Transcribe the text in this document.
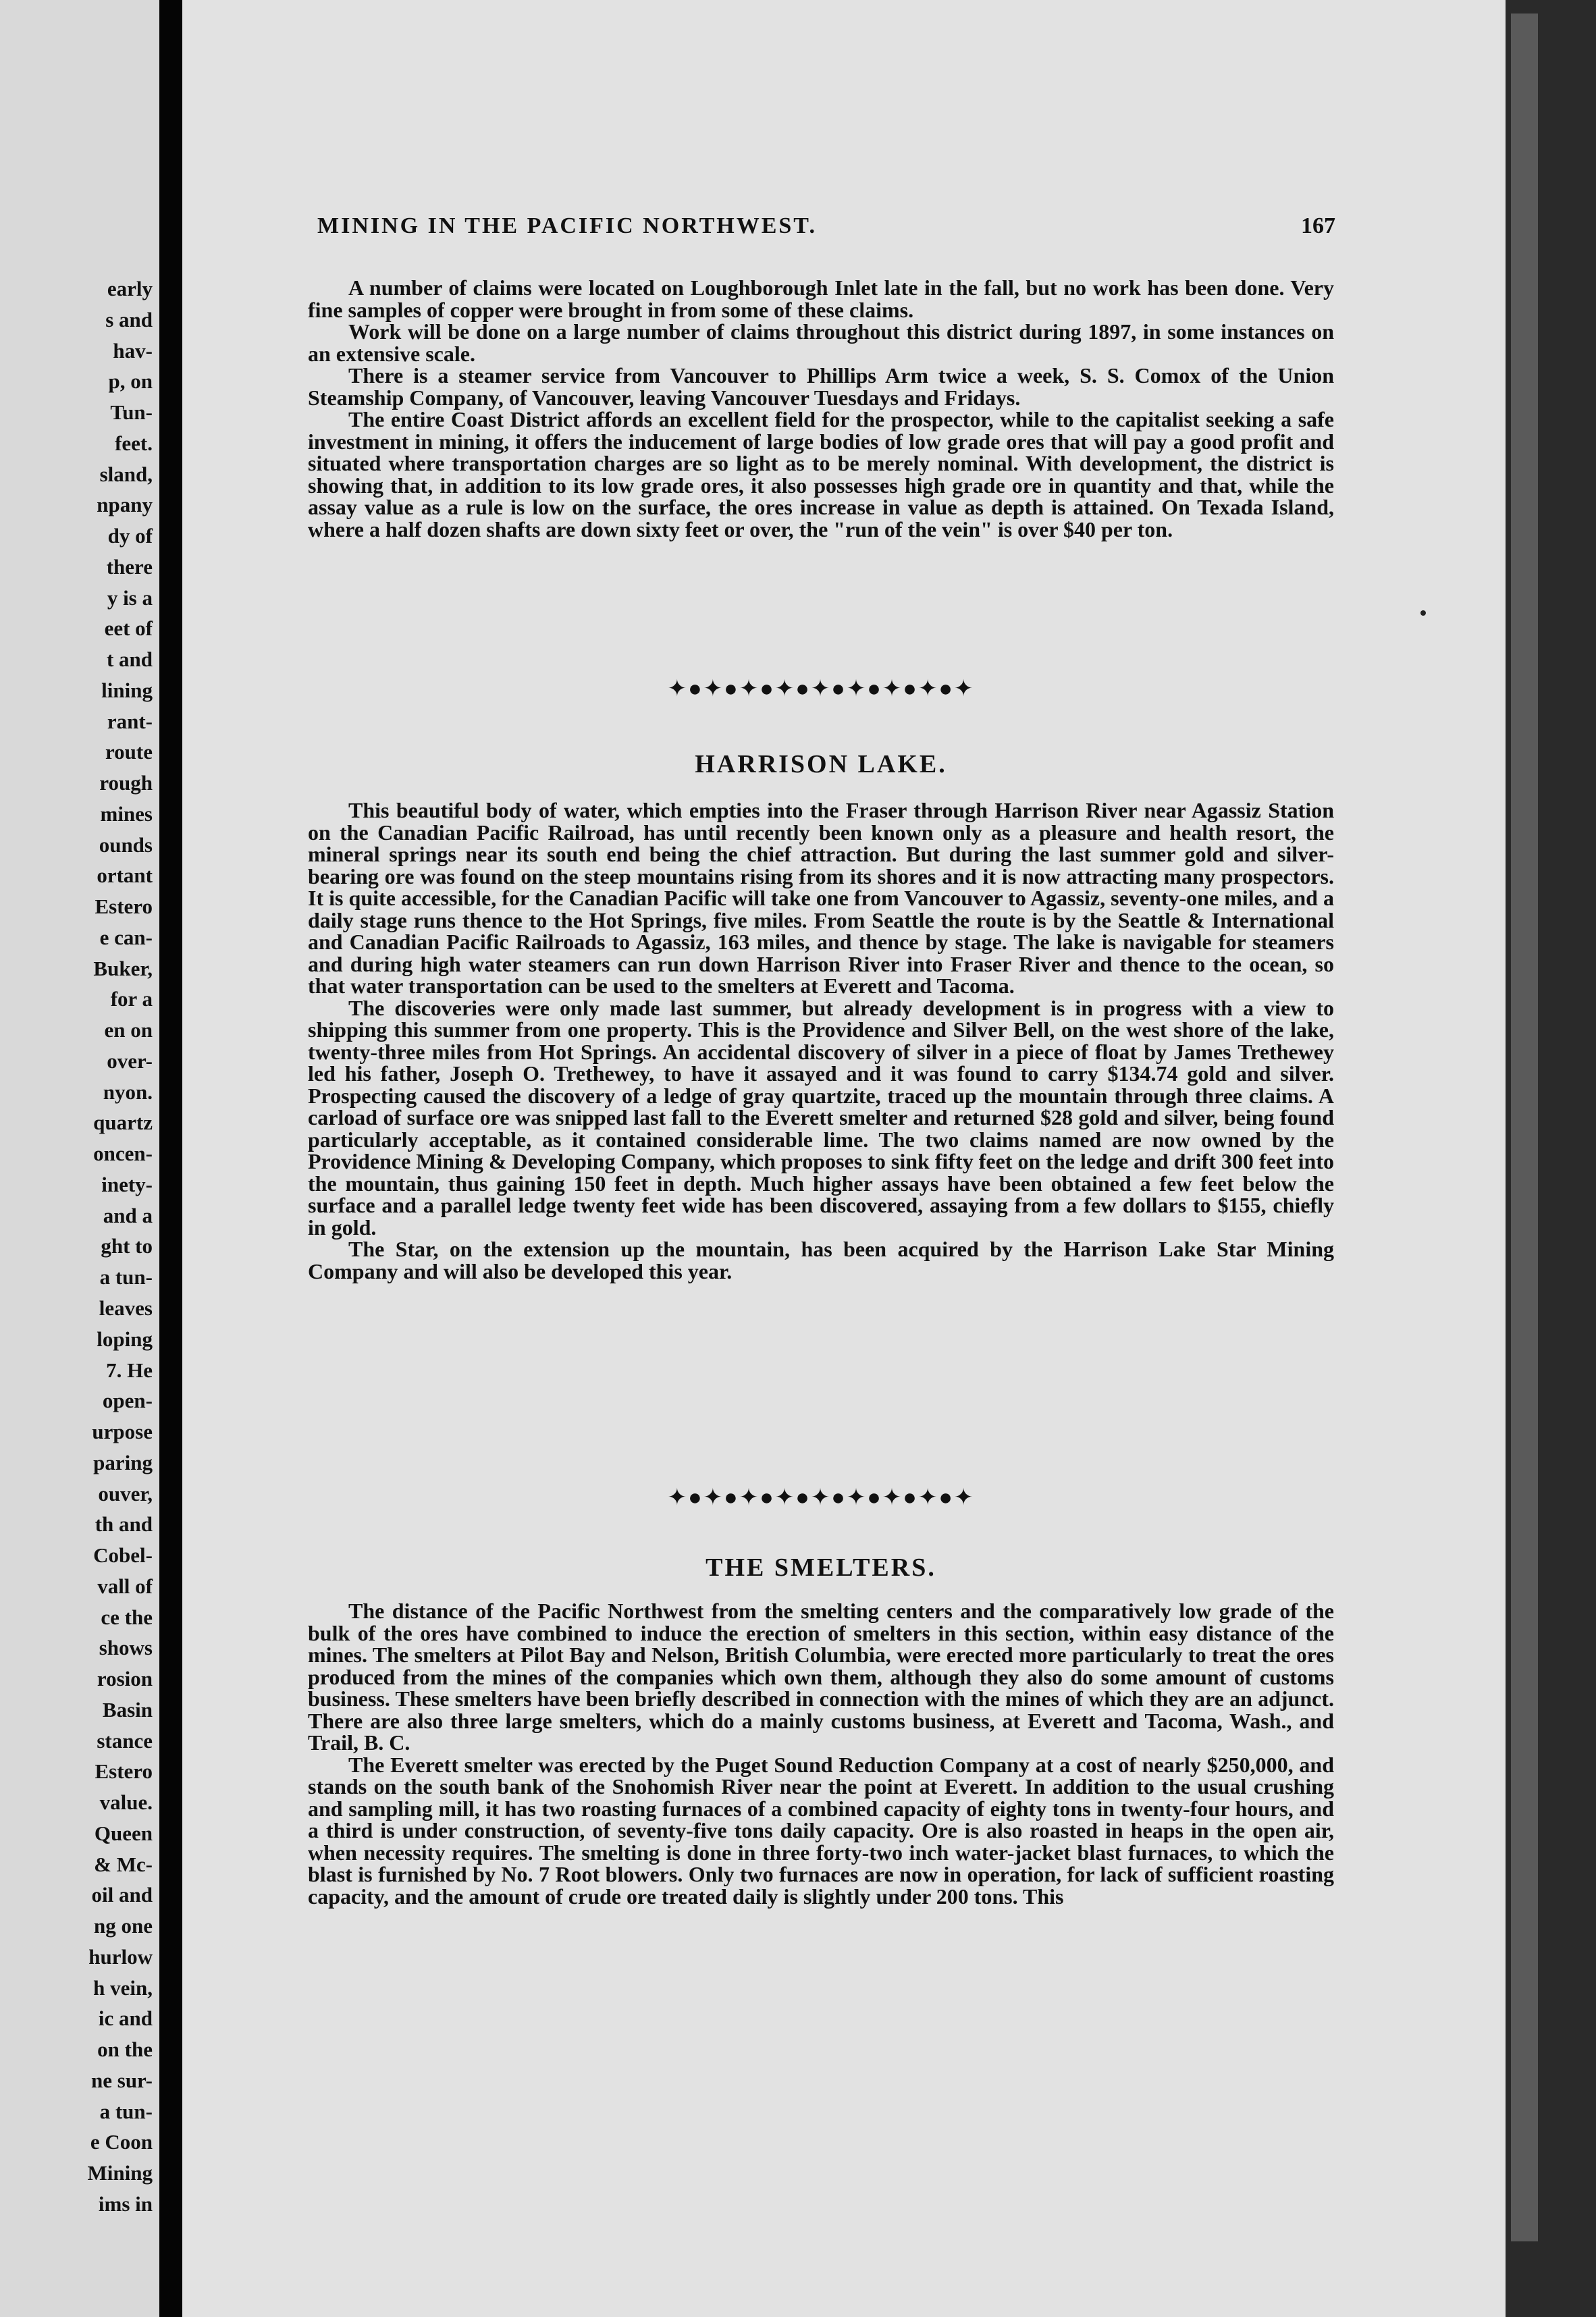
early
s and
hav-
p, on
Tun-
feet.
sland,
npany
dy of
there
y is a
eet of
t and
lining
rant-
route
rough
mines
ounds
ortant
Estero
e can-
Buker,
for a
en on
over-
nyon.
quartz
oncen-
inety-
and a
ght to
a tun-
leaves
loping
7. He
open-
urpose
paring
ouver,
th and
Cobel-
vall of
ce the
shows
rosion
Basin
stance
Estero
value.
Queen
& Mc-
oil and
ng one
hurlow
h vein,
ic and
on the
ne sur-
a tun-
e Coon
Mining
ims in
MINING IN THE PACIFIC NORTHWEST.	167

A number of claims were located on Loughborough Inlet late in the fall, but no work has been done. Very fine samples of copper were brought in from some of these claims.

Work will be done on a large number of claims throughout this district during 1897, in some instances on an extensive scale.

There is a steamer service from Vancouver to Phillips Arm twice a week, S. S. Comox of the Union Steamship Company, of Vancouver, leaving Vancouver Tuesdays and Fridays.

The entire Coast District affords an excellent field for the prospector, while to the capitalist seeking a safe investment in mining, it offers the inducement of large bodies of low grade ores that will pay a good profit and situated where transportation charges are so light as to be merely nominal. With development, the district is showing that, in addition to its low grade ores, it also possesses high grade ore in quantity and that, while the assay value as a rule is low on the surface, the ores increase in value as depth is attained. On Texada Island, where a half dozen shafts are down sixty feet or over, the "run of the vein" is over $40 per ton.

✦●✦●✦●✦●✦●✦●✦●✦●✦
HARRISON LAKE.

This beautiful body of water, which empties into the Fraser through Harrison River near Agassiz Station on the Canadian Pacific Railroad, has until recently been known only as a pleasure and health resort, the mineral springs near its south end being the chief attraction. But during the last summer gold and silver-bearing ore was found on the steep mountains rising from its shores and it is now attracting many prospectors. It is quite accessible, for the Canadian Pacific will take one from Vancouver to Agassiz, seventy-one miles, and a daily stage runs thence to the Hot Springs, five miles. From Seattle the route is by the Seattle & International and Canadian Pacific Railroads to Agassiz, 163 miles, and thence by stage. The lake is navigable for steamers and during high water steamers can run down Harrison River into Fraser River and thence to the ocean, so that water transportation can be used to the smelters at Everett and Tacoma.

The discoveries were only made last summer, but already development is in progress with a view to shipping this summer from one property. This is the Providence and Silver Bell, on the west shore of the lake, twenty-three miles from Hot Springs. An accidental discovery of silver in a piece of float by James Trethewey led his father, Joseph O. Trethewey, to have it assayed and it was found to carry $134.74 gold and silver. Prospecting caused the discovery of a ledge of gray quartzite, traced up the mountain through three claims. A carload of surface ore was snipped last fall to the Everett smelter and returned $28 gold and silver, being found particularly acceptable, as it contained considerable lime. The two claims named are now owned by the Providence Mining & Developing Company, which proposes to sink fifty feet on the ledge and drift 300 feet into the mountain, thus gaining 150 feet in depth. Much higher assays have been obtained a few feet below the surface and a parallel ledge twenty feet wide has been discovered, assaying from a few dollars to $155, chiefly in gold.

The Star, on the extension up the mountain, has been acquired by the Harrison Lake Star Mining Company and will also be developed this year.

✦●✦●✦●✦●✦●✦●✦●✦●✦
THE SMELTERS.

The distance of the Pacific Northwest from the smelting centers and the comparatively low grade of the bulk of the ores have combined to induce the erection of smelters in this section, within easy distance of the mines. The smelters at Pilot Bay and Nelson, British Columbia, were erected more particularly to treat the ores produced from the mines of the companies which own them, although they also do some amount of customs business. These smelters have been briefly described in connection with the mines of which they are an adjunct. There are also three large smelters, which do a mainly customs business, at Everett and Tacoma, Wash., and Trail, B. C.

The Everett smelter was erected by the Puget Sound Reduction Company at a cost of nearly $250,000, and stands on the south bank of the Snohomish River near the point at Everett. In addition to the usual crushing and sampling mill, it has two roasting furnaces of a combined capacity of eighty tons in twenty-four hours, and a third is under construction, of seventy-five tons daily capacity. Ore is also roasted in heaps in the open air, when necessity requires. The smelting is done in three forty-two inch water-jacket blast furnaces, to which the blast is furnished by No. 7 Root blowers. Only two furnaces are now in operation, for lack of sufficient roasting capacity, and the amount of crude ore treated daily is slightly under 200 tons. This
